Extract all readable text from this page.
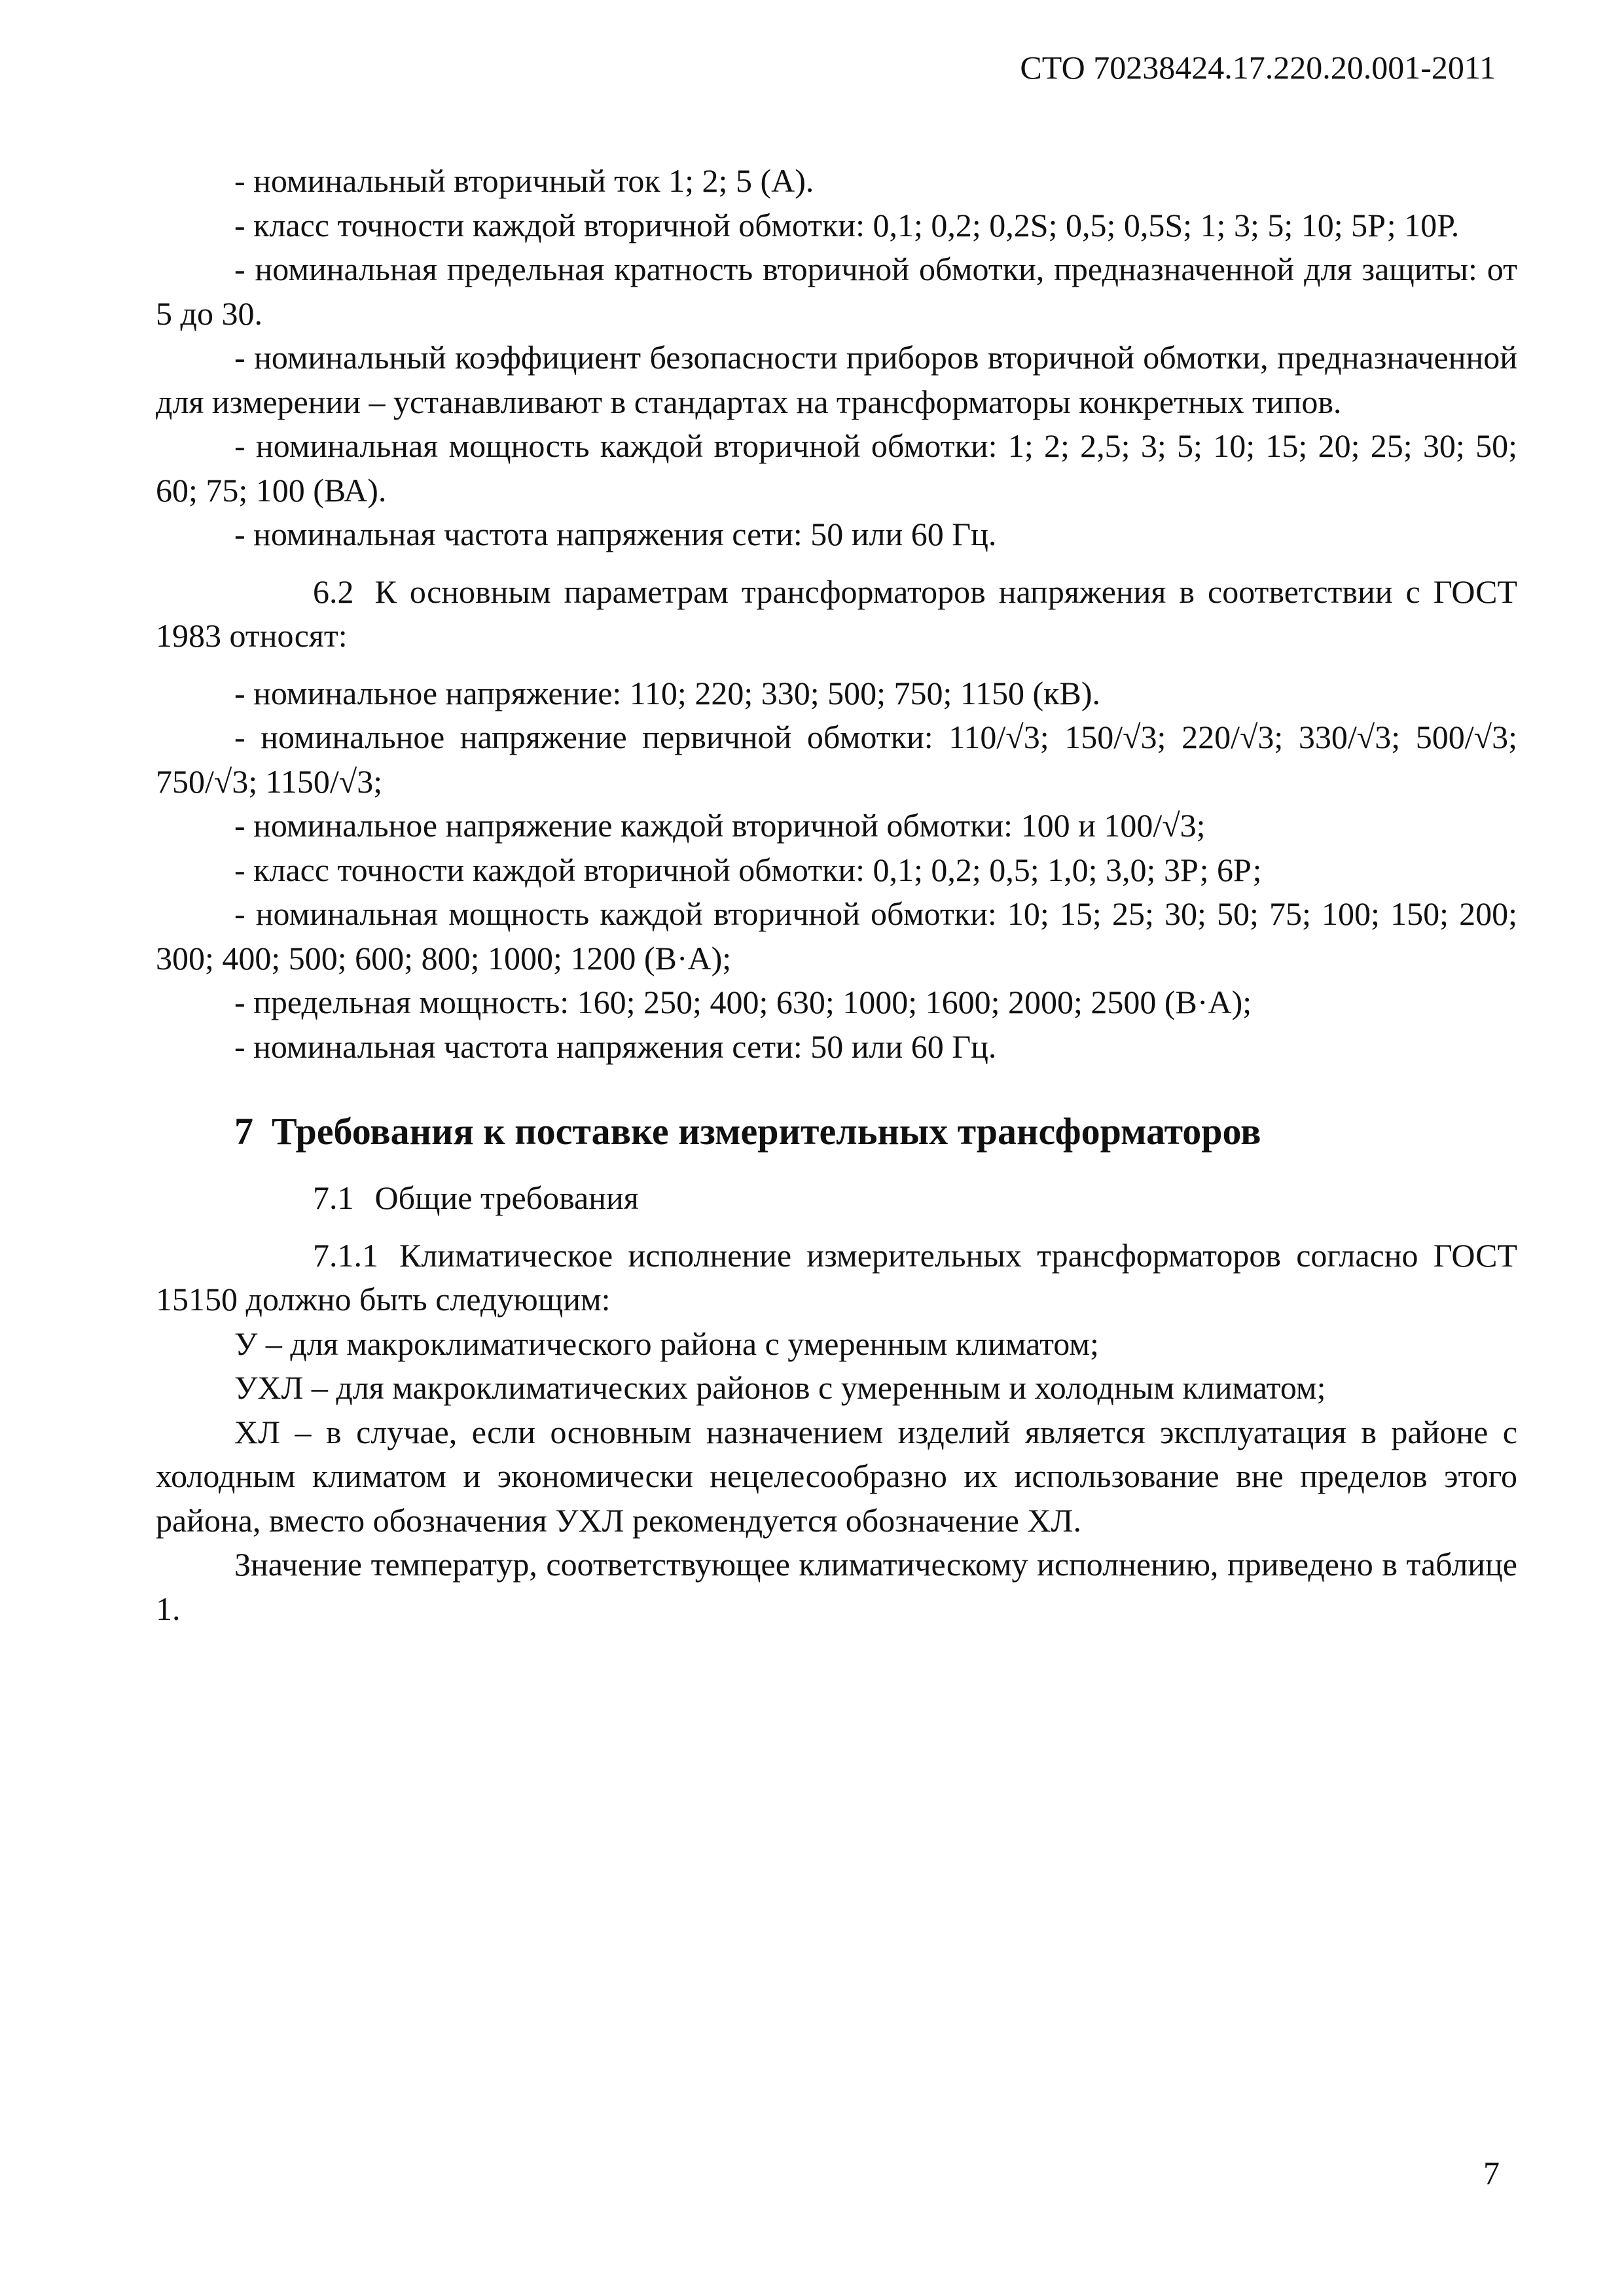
СТО 70238424.17.220.20.001-2011

- номинальный вторичный ток 1; 2; 5 (А).

- класс точности каждой вторичной обмотки: 0,1; 0,2; 0,2S; 0,5; 0,5S; 1; 3; 5; 10; 5Р; 10Р.

- номинальная предельная кратность вторичной обмотки, предназначенной для защиты: от 5 до 30.

- номинальный коэффициент безопасности приборов вторичной обмотки, предназначенной для измерении – устанавливают в стандартах на трансформаторы конкретных типов.

- номинальная мощность каждой вторичной обмотки: 1; 2; 2,5; 3; 5; 10; 15; 20; 25; 30; 50; 60; 75; 100 (ВА).

- номинальная частота напряжения сети: 50 или 60 Гц.

6.2 К основным параметрам трансформаторов напряжения в соответствии с ГОСТ 1983 относят:

- номинальное напряжение: 110; 220; 330; 500; 750; 1150 (кВ).

- номинальное напряжение первичной обмотки: 110/√3; 150/√3; 220/√3; 330/√3; 500/√3; 750/√3; 1150/√3;

- номинальное напряжение каждой вторичной обмотки: 100 и 100/√3;

- класс точности каждой вторичной обмотки: 0,1; 0,2; 0,5; 1,0; 3,0; 3Р; 6Р;

- номинальная мощность каждой вторичной обмотки: 10; 15; 25; 30; 50; 75; 100; 150; 200; 300; 400; 500; 600; 800; 1000; 1200 (В·А);

- предельная мощность: 160; 250; 400; 630; 1000; 1600; 2000; 2500 (В·А);

- номинальная частота напряжения сети: 50 или 60 Гц.

7 Требования к поставке измерительных трансформаторов

7.1 Общие требования

7.1.1 Климатическое исполнение измерительных трансформаторов согласно ГОСТ 15150 должно быть следующим:

У – для макроклиматического района с умеренным климатом;

УХЛ – для макроклиматических районов с умеренным и холодным климатом;

ХЛ – в случае, если основным назначением изделий является эксплуатация в районе с холодным климатом и экономически нецелесообразно их использование вне пределов этого района, вместо обозначения УХЛ рекомендуется обозначение ХЛ.

Значение температур, соответствующее климатическому исполнению, приведено в таблице 1.

7
